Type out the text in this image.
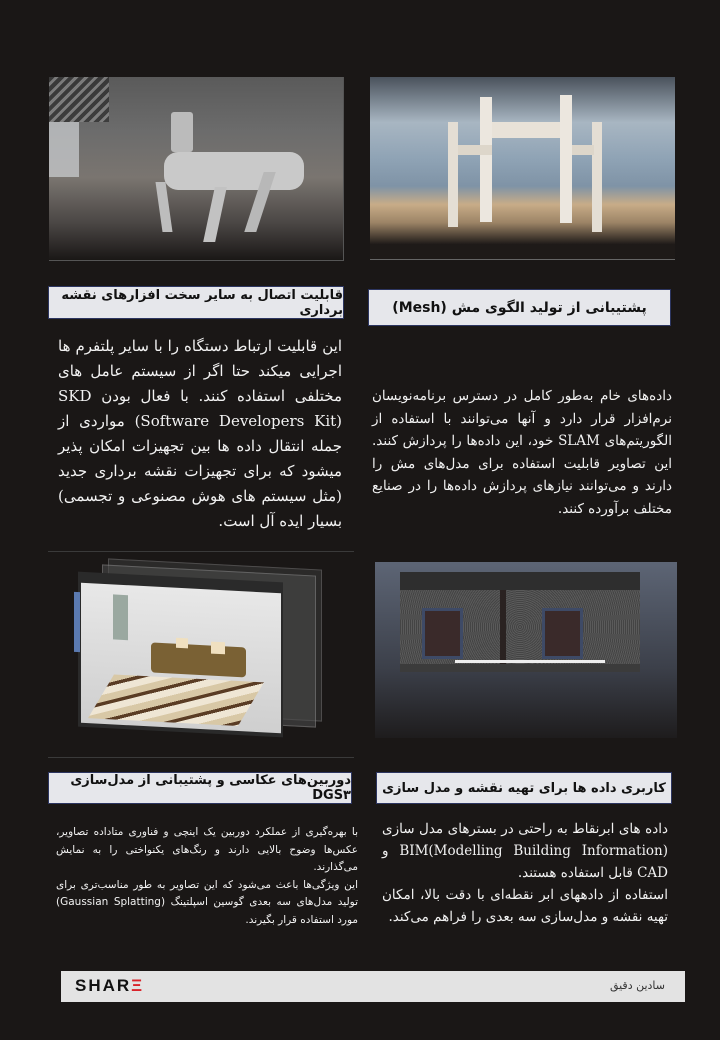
قابلیت اتصال به سایر سخت افزارهای نقشه برداری	پشتیبانی از تولید الگوی مش (Mesh)
این قابلیت ارتباط دستگاه را با سایر پلتفرم ها اجرایی میکند حتا اگر از سیستم عامل های مختلفی استفاده کنند. با فعال بودن SKD (Software Developers Kit) مواردی از جمله انتقال داده ها بین تجهیزات امکان پذیر میشود که برای تجهیزات نقشه برداری جدید (مثل سیستم های هوش مصنوعی و تجسمی) بسیار ایده آل است.
داده‌های خام به‌طور کامل در دسترس برنامه‌نویسان نرم‌افزار قرار دارد و آنها می‌توانند با استفاده از الگوریتم‌های SLAM خود، این داده‌ها را پردازش کنند. این تصاویر قابلیت استفاده برای مدل‌های مش را دارند و می‌توانند نیازهای پردازش داده‌ها را در صنایع مختلف برآورده کنند.
دوربین‌های عکاسی و پشتیبانی از مدل‌سازی DGS۳ کاربری داده ها برای تهیه نقشه و مدل سازی
با بهره‌گیری از عملکرد دوربین یک اینچی و فناوری متاداده تصاویر، عکس‌ها وضوح بالایی دارند و رنگ‌های یکنواختی را به نمایش می‌گذارند.
این ویژگی‌ها باعث می‌شود که این تصاویر به طور مناسب‌تری برای تولید مدل‌های سه بعدی گوسین اسپلتینگ (Gaussian Splatting) مورد استفاده قرار بگیرند.
داده های ابرنقاط به راحتی در بسترهای مدل سازی BIM(Modelling Building Information) و CAD قابل استفاده هستند.
استفاده از دادههای ابر نقطه‌ای با دقت بالا، امکان تهیه نقشه و مدل‌سازی سه بعدی را فراهم می‌کند.
SHARΞ	سادین دقیق
